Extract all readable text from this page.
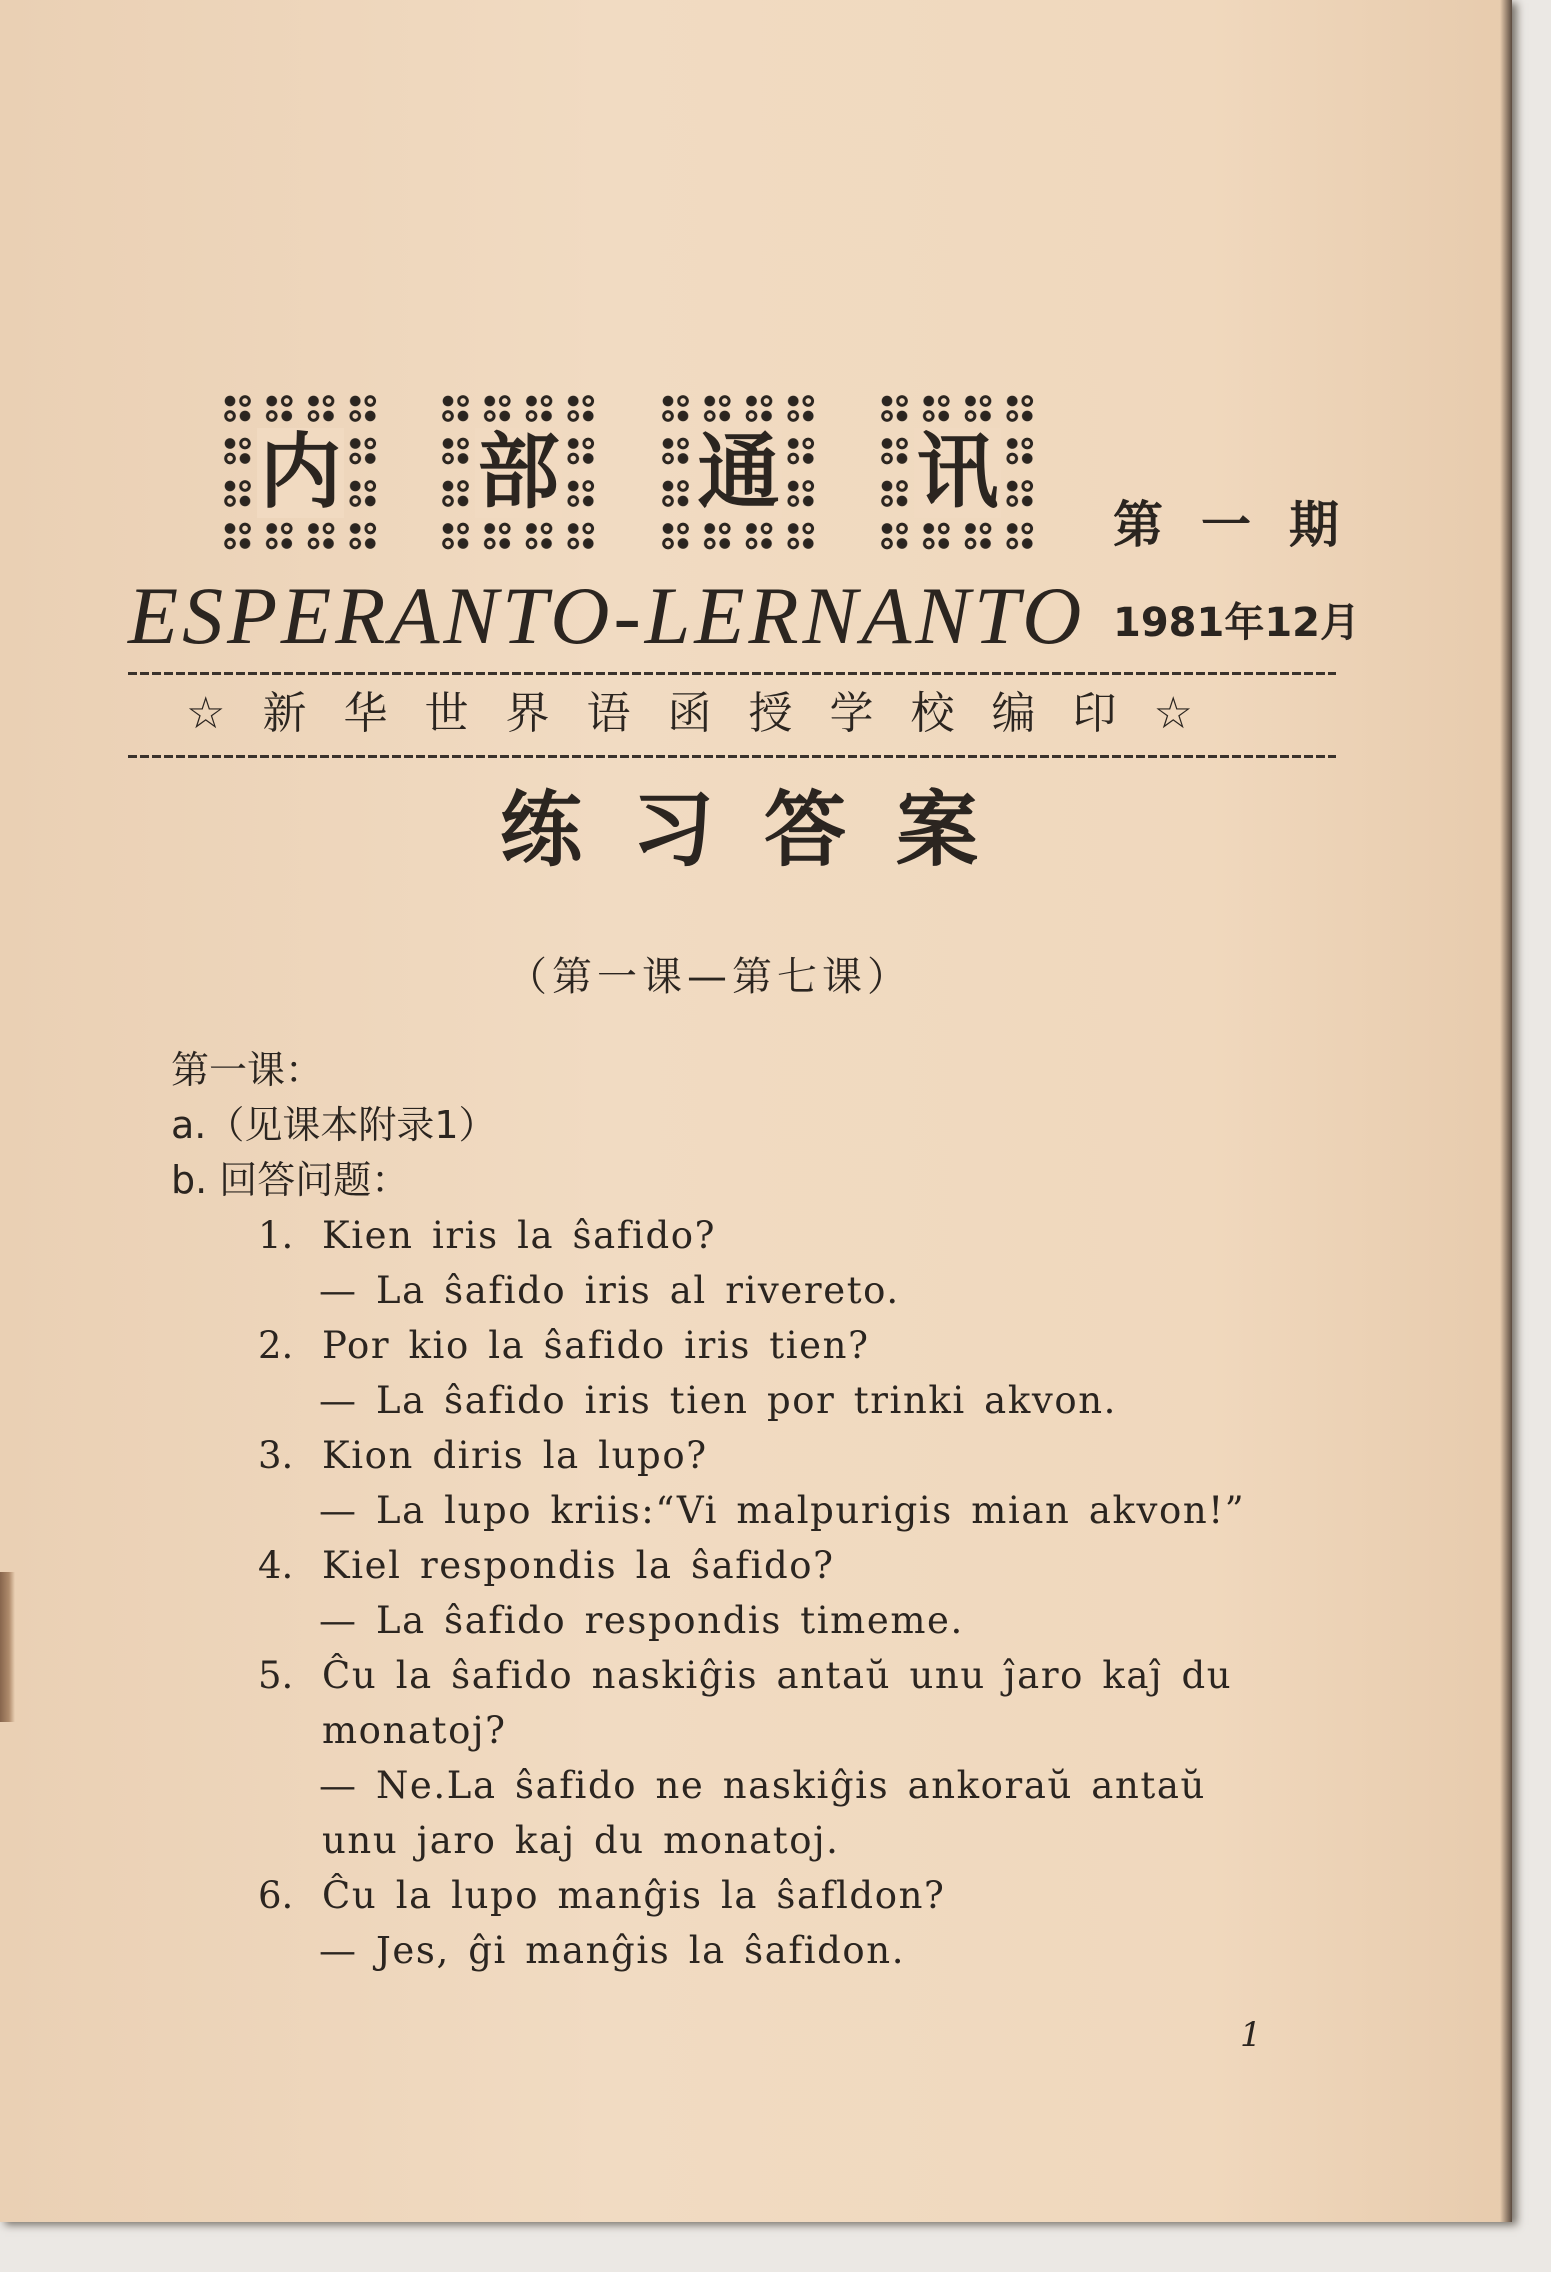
内 部 通 讯
第一期
ESPERANTO-LERNANTO 1981年12月
☆新华世界语函授学校编印☆
练习答案
（第一课—第七课）
第一课：
a.（见课本附录1）
b. 回答问题：
1. Kien iris la ŝafido?
— La ŝafido iris al rivereto.
2. Por kio la ŝafido iris tien?
— La ŝafido iris tien por trinki akvon.
3. Kion diris la lupo?
— La lupo kriis:“Vi malpurigis mian akvon!”
4. Kiel respondis la ŝafido?
— La ŝafido respondis timeme.
5. Ĉu la ŝafido naskiĝis antaŭ unu ĵaro kaĵ du
monatoj?
— Ne.La ŝafido ne naskiĝis ankoraŭ antaŭ
unu jaro kaj du monatoj.
6. Ĉu la lupo manĝis la ŝafldon?
— Jes, ĝi manĝis la ŝafidon.
1
